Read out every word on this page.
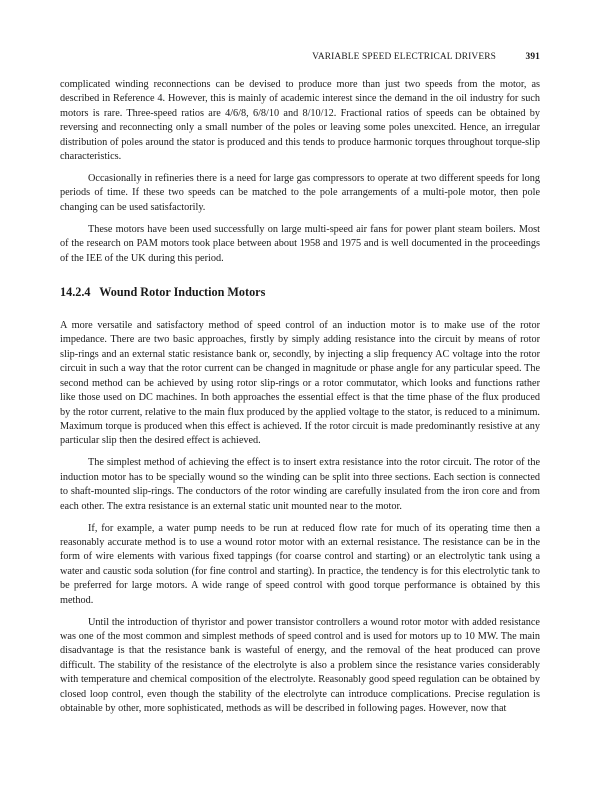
VARIABLE SPEED ELECTRICAL DRIVERS	391

complicated winding reconnections can be devised to produce more than just two speeds from the motor, as described in Reference 4. However, this is mainly of academic interest since the demand in the oil industry for such motors is rare. Three-speed ratios are 4/6/8, 6/8/10 and 8/10/12. Fractional ratios of speeds can be obtained by reversing and reconnecting only a small number of the poles or leaving some poles unexcited. Hence, an irregular distribution of poles around the stator is produced and this tends to produce harmonic torques throughout torque-slip characteristics.

Occasionally in refineries there is a need for large gas compressors to operate at two different speeds for long periods of time. If these two speeds can be matched to the pole arrangements of a multi-pole motor, then pole changing can be used satisfactorily.

These motors have been used successfully on large multi-speed air fans for power plant steam boilers. Most of the research on PAM motors took place between about 1958 and 1975 and is well documented in the proceedings of the IEE of the UK during this period.

14.2.4 Wound Rotor Induction Motors

A more versatile and satisfactory method of speed control of an induction motor is to make use of the rotor impedance. There are two basic approaches, firstly by simply adding resistance into the circuit by means of rotor slip-rings and an external static resistance bank or, secondly, by injecting a slip frequency AC voltage into the rotor circuit in such a way that the rotor current can be changed in magnitude or phase angle for any particular speed. The second method can be achieved by using rotor slip-rings or a rotor commutator, which looks and functions rather like those used on DC machines. In both approaches the essential effect is that the time phase of the flux produced by the rotor current, relative to the main flux produced by the applied voltage to the stator, is reduced to a minimum. Maximum torque is produced when this effect is achieved. If the rotor circuit is made predominantly resistive at any particular slip then the desired effect is achieved.

The simplest method of achieving the effect is to insert extra resistance into the rotor circuit. The rotor of the induction motor has to be specially wound so the winding can be split into three sections. Each section is connected to shaft-mounted slip-rings. The conductors of the rotor winding are carefully insulated from the iron core and from each other. The extra resistance is an external static unit mounted near to the motor.

If, for example, a water pump needs to be run at reduced flow rate for much of its operating time then a reasonably accurate method is to use a wound rotor motor with an external resistance. The resistance can be in the form of wire elements with various fixed tappings (for coarse control and starting) or an electrolytic tank using a water and caustic soda solution (for fine control and starting). In practice, the tendency is for this electrolytic tank to be preferred for large motors. A wide range of speed control with good torque performance is obtained by this method.

Until the introduction of thyristor and power transistor controllers a wound rotor motor with added resistance was one of the most common and simplest methods of speed control and is used for motors up to 10 MW. The main disadvantage is that the resistance bank is wasteful of energy, and the removal of the heat produced can prove difficult. The stability of the resistance of the electrolyte is also a problem since the resistance varies considerably with temperature and chemical composition of the electrolyte. Reasonably good speed regulation can be obtained by closed loop control, even though the stability of the electrolyte can introduce complications. Precise regulation is obtainable by other, more sophisticated, methods as will be described in following pages. However, now that
